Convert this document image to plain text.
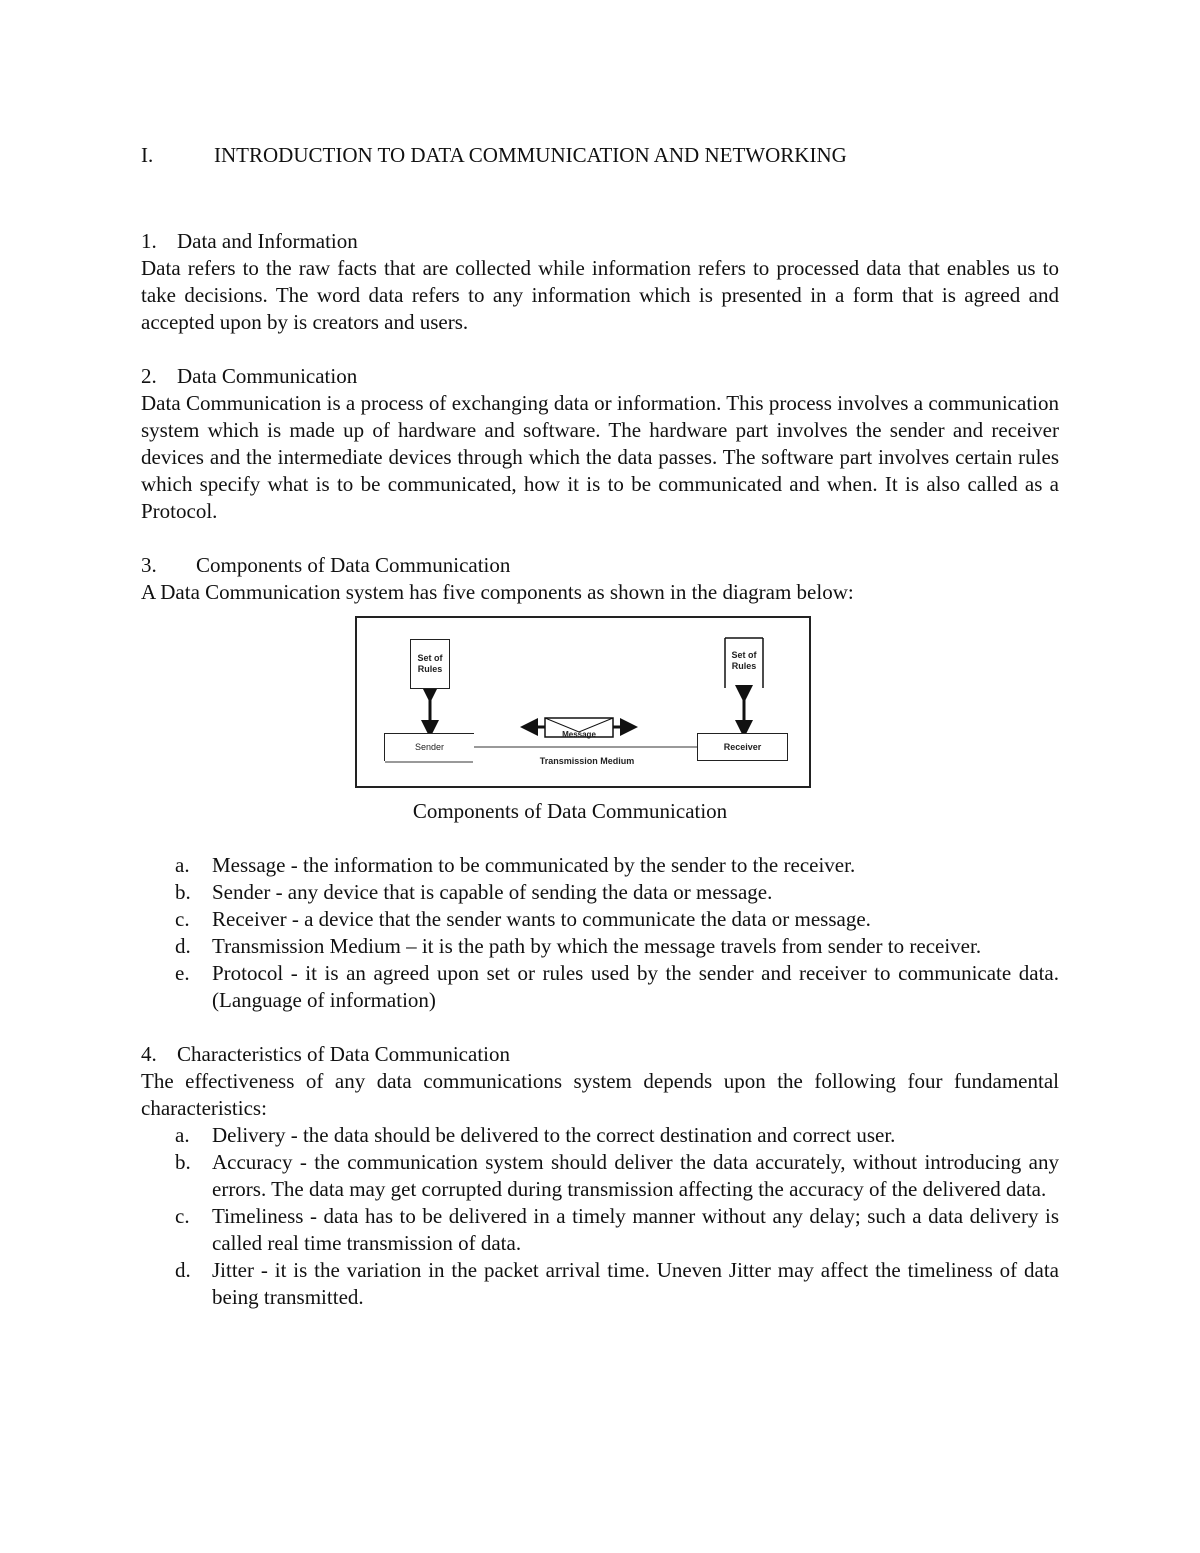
I.	INTRODUCTION TO DATA COMMUNICATION AND NETWORKING
1. Data and Information

Data refers to the raw facts that are collected while information refers to processed data that enables us to take decisions. The word data refers to any information which is presented in a form that is agreed and accepted upon by is creators and users.

2. Data Communication

Data Communication is a process of exchanging data or information. This process involves a communication system which is made up of hardware and software. The hardware part involves the sender and receiver devices and the intermediate devices through which the data passes. The software part involves certain rules which specify what is to be communicated, how it is to be communicated and when. It is also called as a Protocol.

3.	Components of Data Communication

A Data Communication system has five components as shown in the diagram below:

Set of Rules
Set of Rules
Sender	Receiver
Message
Transmission Medium

Components of Data Communication

a.	Message - the information to be communicated by the sender to the receiver.
b.	Sender - any device that is capable of sending the data or message.
c.	Receiver - a device that the sender wants to communicate the data or message.
d.	Transmission Medium – it is the path by which the message travels from sender to receiver.
e.	Protocol - it is an agreed upon set or rules used by the sender and receiver to communicate data. (Language of information)
4. Characteristics of Data Communication

The effectiveness of any data communications system depends upon the following four fundamental characteristics:

a.	Delivery - the data should be delivered to the correct destination and correct user.
b.	Accuracy - the communication system should deliver the data accurately, without introducing any errors. The data may get corrupted during transmission affecting the accuracy of the delivered data.
c.	Timeliness - data has to be delivered in a timely manner without any delay; such a data delivery is called real time transmission of data.
d.	Jitter - it is the variation in the packet arrival time. Uneven Jitter may affect the timeliness of data being transmitted.
